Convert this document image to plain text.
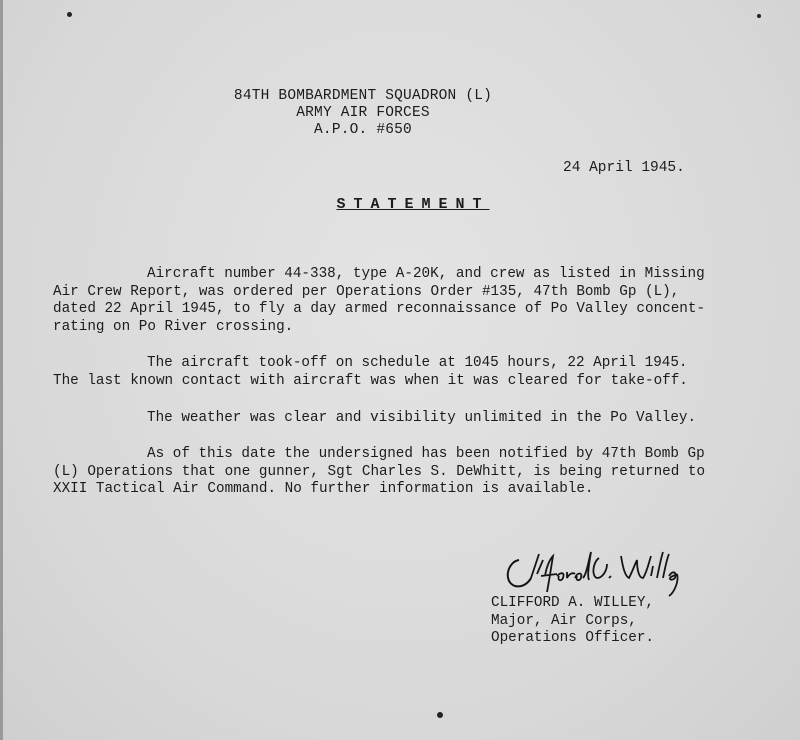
84TH BOMBARDMENT SQUADRON (L)
ARMY AIR FORCES
A.P.O. #650
24 April 1945.
STATEMENT
Aircraft number 44-338, type A-20K, and crew as listed in Missing
Air Crew Report, was ordered per Operations Order #135, 47th Bomb Gp (L),
dated 22 April 1945, to fly a day armed reconnaissance of Po Valley concent-
rating on Po River crossing.
The aircraft took-off on schedule at 1045 hours, 22 April 1945.
The last known contact with aircraft was when it was cleared for take-off.
The weather was clear and visibility unlimited in the Po Valley.
As of this date the undersigned has been notified by 47th Bomb Gp
(L) Operations that one gunner, Sgt Charles S. DeWhitt, is being returned to
XXII Tactical Air Command. No further information is available.
CLIFFORD A. WILLEY,
Major, Air Corps,
Operations Officer.
